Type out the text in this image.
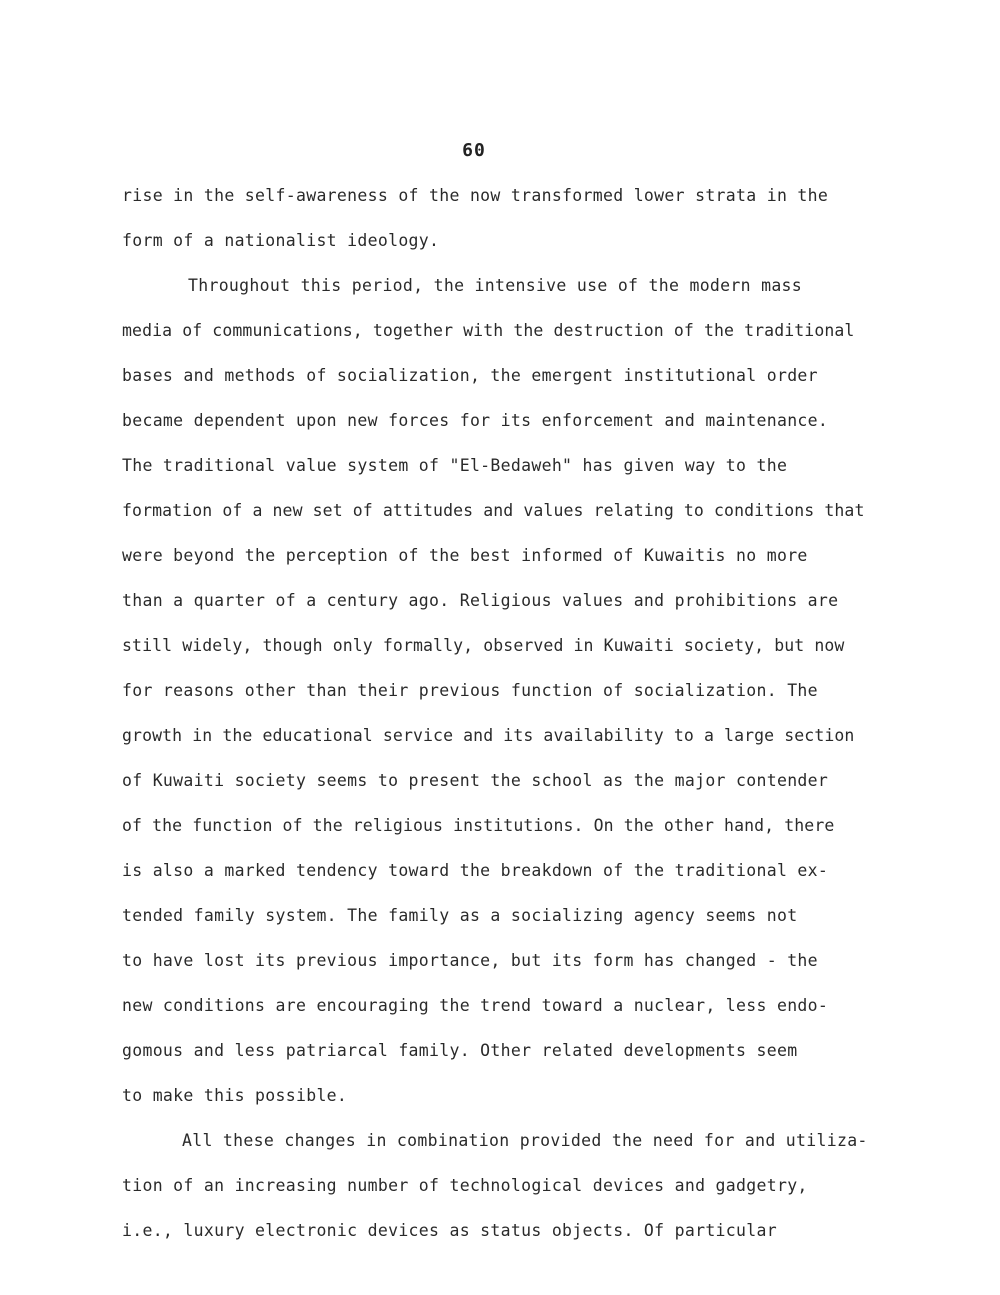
60
rise in the self-awareness of the now transformed lower strata in the
form of a nationalist ideology.
Throughout this period, the intensive use of the modern mass
media of communications, together with the destruction of the traditional
bases and methods of socialization, the emergent institutional order
became dependent upon new forces for its enforcement and maintenance.
The traditional value system of "El-Bedaweh" has given way to the
formation of a new set of attitudes and values relating to conditions that
were beyond the perception of the best informed of Kuwaitis no more
than a quarter of a century ago. Religious values and prohibitions are
still widely, though only formally, observed in Kuwaiti society, but now
for reasons other than their previous function of socialization. The
growth in the educational service and its availability to a large section
of Kuwaiti society seems to present the school as the major contender
of the function of the religious institutions. On the other hand, there
is also a marked tendency toward the breakdown of the traditional ex-
tended family system. The family as a socializing agency seems not
to have lost its previous importance, but its form has changed - the
new conditions are encouraging the trend toward a nuclear, less endo-
gomous and less patriarcal family. Other related developments seem
to make this possible.
All these changes in combination provided the need for and utiliza-
tion of an increasing number of technological devices and gadgetry,
i.e., luxury electronic devices as status objects. Of particular
